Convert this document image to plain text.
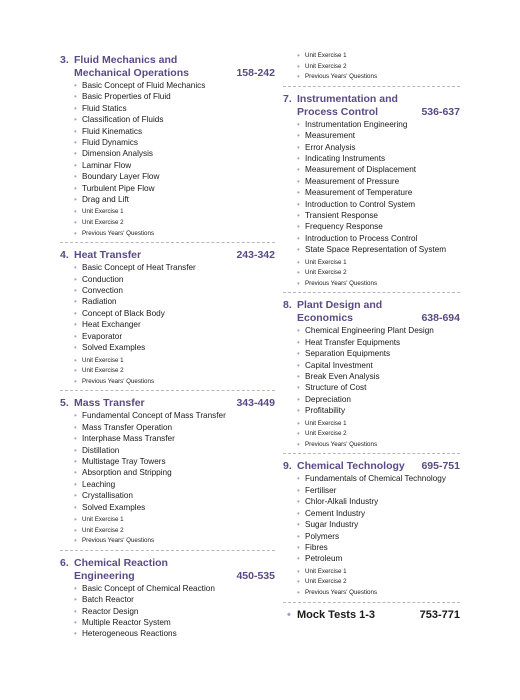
3. Fluid Mechanics and
Mechanical Operations	158-242
• Basic Concept of Fluid Mechanics
• Basic Properties of Fluid
• Fluid Statics
• Classification of Fluids
• Fluid Kinematics
• Fluid Dynamics
• Dimension Analysis
• Laminar Flow
• Boundary Layer Flow
• Turbulent Pipe Flow
• Drag and Lift
• Unit Exercise 1
• Unit Exercise 2
• Previous Years' Questions
4. Heat Transfer	243-342
• Basic Concept of Heat Transfer
• Conduction
• Convection
• Radiation
• Concept of Black Body
• Heat Exchanger
• Evaporator
• Solved Examples
• Unit Exercise 1
• Unit Exercise 2
• Previous Years' Questions
5. Mass Transfer	343-449
• Fundamental Concept of Mass Transfer
• Mass Transfer Operation
• Interphase Mass Transfer
• Distillation
• Multistage Tray Towers
• Absorption and Stripping
• Leaching
• Crystallisation
• Solved Examples
• Unit Exercise 1
• Unit Exercise 2
• Previous Years' Questions
6. Chemical Reaction
Engineering	450-535
• Basic Concept of Chemical Reaction
• Batch Reactor
• Reactor Design
• Multiple Reactor System
• Heterogeneous Reactions
• Unit Exercise 1
• Unit Exercise 2
• Previous Years' Questions
7. Instrumentation and
Process Control	536-637
• Instrumentation Engineering
• Measurement
• Error Analysis
• Indicating Instruments
• Measurement of Displacement
• Measurement of Pressure
• Measurement of Temperature
• Introduction to Control System
• Transient Response
• Frequency Response
• Introduction to Process Control
• State Space Representation of System
• Unit Exercise 1
• Unit Exercise 2
• Previous Years' Questions
8. Plant Design and
Economics	638-694
• Chemical Engineering Plant Design
• Heat Transfer Equipments
• Separation Equipments
• Capital Investment
• Break Even Analysis
• Structure of Cost
• Depreciation
• Profitability
• Unit Exercise 1
• Unit Exercise 2
• Previous Years' Questions
9. Chemical Technology	695-751
• Fundamentals of Chemical Technology
• Fertiliser
• Chlor-Alkali Industry
• Cement Industry
• Sugar Industry
• Polymers
• Fibres
• Petroleum
• Unit Exercise 1
• Unit Exercise 2
• Previous Years' Questions
• Mock Tests 1-3	753-771
